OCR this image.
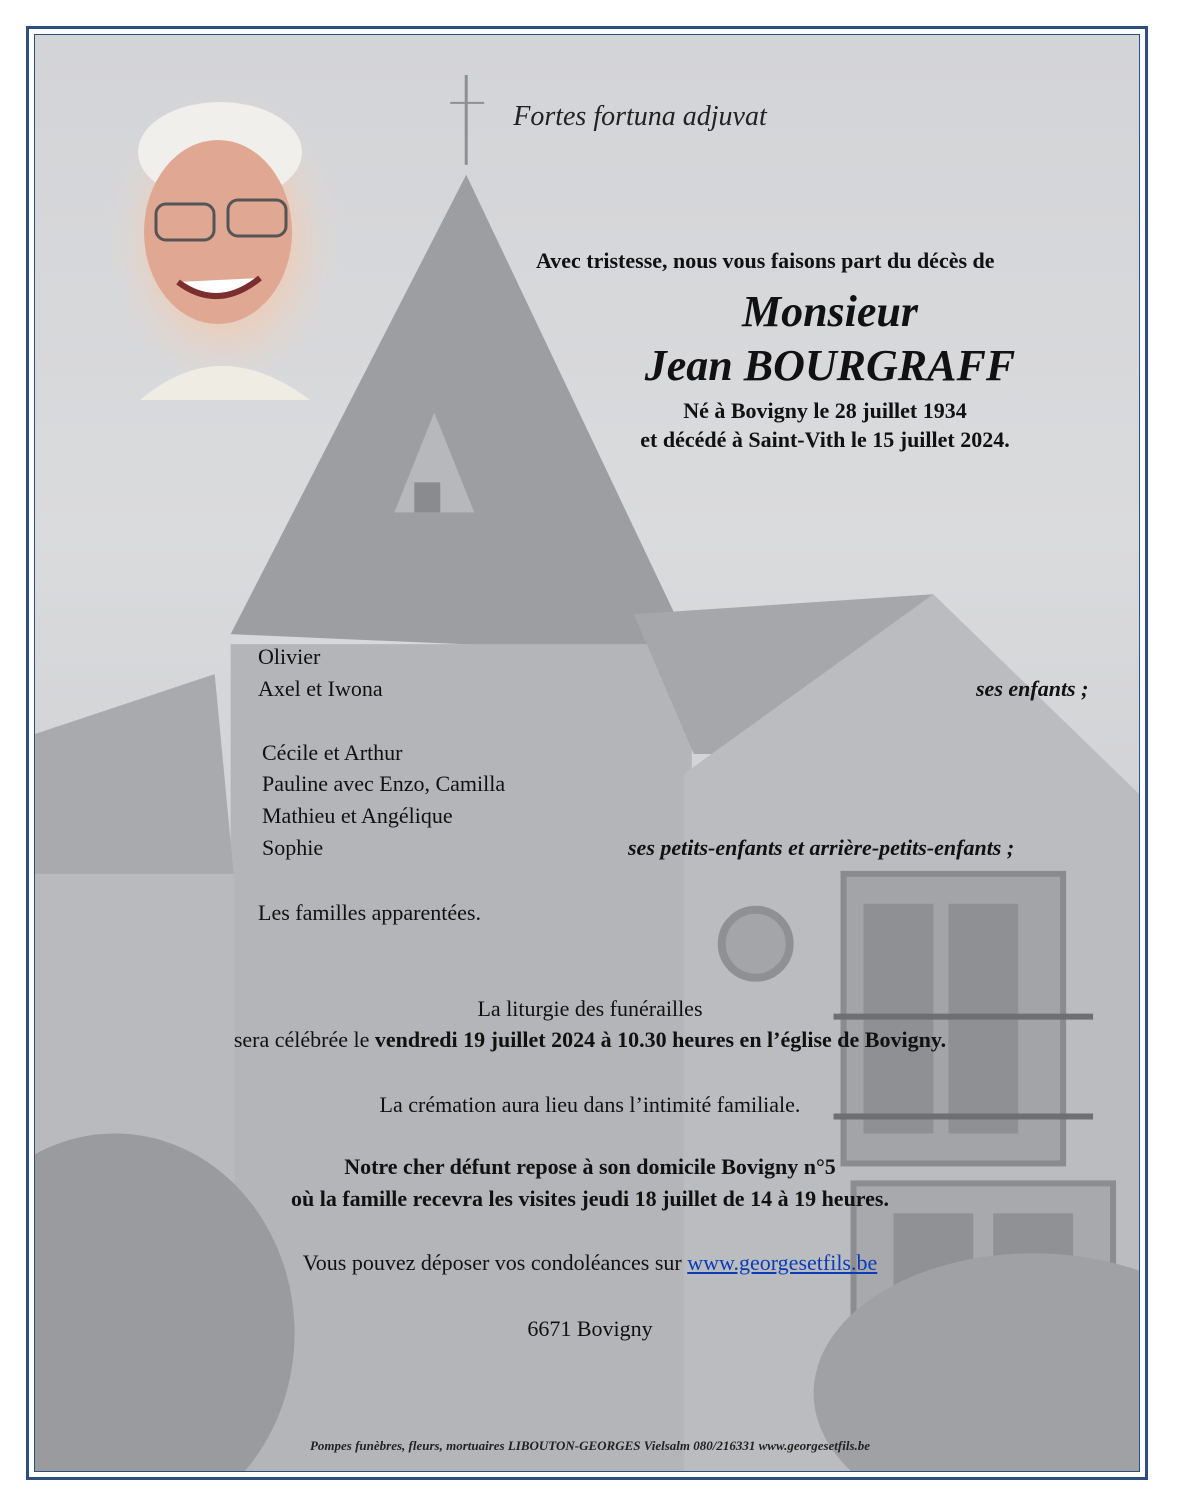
Fortes fortuna adjuvat
Avec tristesse, nous vous faisons part du décès de
Monsieur
Jean BOURGRAFF
Né à Bovigny le 28 juillet 1934
et décédé à Saint-Vith le 15 juillet 2024.
Olivier
Axel et Iwona	ses enfants ;
Cécile et Arthur
Pauline avec Enzo, Camilla
Mathieu et Angélique
Sophie	ses petits-enfants et arrière-petits-enfants ;
Les familles apparentées.
La liturgie des funérailles
sera célébrée le vendredi 19 juillet 2024 à 10.30 heures en l’église de Bovigny.
La crémation aura lieu dans l’intimité familiale.
Notre cher défunt repose à son domicile Bovigny n°5
où la famille recevra les visites jeudi 18 juillet de 14 à 19 heures.
Vous pouvez déposer vos condoléances sur www.georgesetfils.be
6671 Bovigny
Pompes funèbres, fleurs, mortuaires LIBOUTON-GEORGES Vielsalm 080/216331 www.georgesetfils.be
